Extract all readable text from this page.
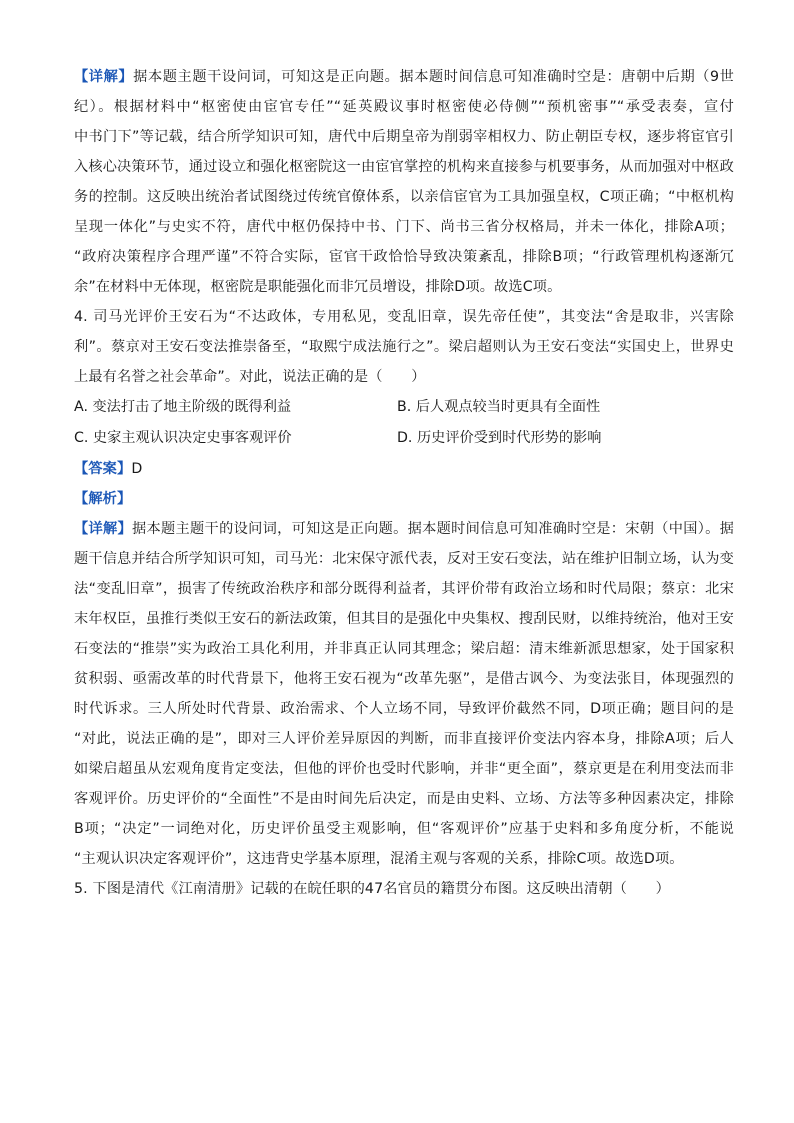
【详解】据本题主题干设问词，可知这是正向题。据本题时间信息可知准确时空是：唐朝中后期（9世

纪）。根据材料中“枢密使由宦官专任”“延英殿议事时枢密使必侍侧”“预机密事”“承受表奏，宣付

中书门下”等记载，结合所学知识可知，唐代中后期皇帝为削弱宰相权力、防止朝臣专权，逐步将宦官引

入核心决策环节，通过设立和强化枢密院这一由宦官掌控的机构来直接参与机要事务，从而加强对中枢政

务的控制。这反映出统治者试图绕过传统官僚体系，以亲信宦官为工具加强皇权，C项正确；“中枢机构

呈现一体化”与史实不符，唐代中枢仍保持中书、门下、尚书三省分权格局，并未一体化，排除A项；

“政府决策程序合理严谨”不符合实际，宦官干政恰恰导致决策紊乱，排除B项；“行政管理机构逐渐冗

余”在材料中无体现，枢密院是职能强化而非冗员增设，排除D项。故选C项。

4. 司马光评价王安石为“不达政体，专用私见，变乱旧章，误先帝任使”，其变法“舍是取非，兴害除

利”。蔡京对王安石变法推崇备至，“取熙宁成法施行之”。梁启超则认为王安石变法“实国史上，世界史

上最有名誉之社会革命”。对此，说法正确的是（　　）

A. 变法打击了地主阶级的既得利益	B. 后人观点较当时更具有全面性
C. 史家主观认识决定史事客观评价	D. 历史评价受到时代形势的影响

【答案】D

【解析】

【详解】据本题主题干的设问词，可知这是正向题。据本题时间信息可知准确时空是：宋朝（中国）。据

题干信息并结合所学知识可知，司马光：北宋保守派代表，反对王安石变法，站在维护旧制立场，认为变

法“变乱旧章”，损害了传统政治秩序和部分既得利益者，其评价带有政治立场和时代局限；蔡京：北宋

末年权臣，虽推行类似王安石的新法政策，但其目的是强化中央集权、搜刮民财，以维持统治，他对王安

石变法的“推崇”实为政治工具化利用，并非真正认同其理念；梁启超：清末维新派思想家，处于国家积

贫积弱、亟需改革的时代背景下，他将王安石视为“改革先驱”，是借古讽今、为变法张目，体现强烈的

时代诉求。三人所处时代背景、政治需求、个人立场不同，导致评价截然不同，D项正确；题目问的是

“对此，说法正确的是”，即对三人评价差异原因的判断，而非直接评价变法内容本身，排除A项；后人

如梁启超虽从宏观角度肯定变法，但他的评价也受时代影响，并非“更全面”，蔡京更是在利用变法而非

客观评价。历史评价的“全面性”不是由时间先后决定，而是由史料、立场、方法等多种因素决定，排除

B项；“决定”一词绝对化，历史评价虽受主观影响，但“客观评价”应基于史料和多角度分析，不能说

“主观认识决定客观评价”，这违背史学基本原理，混淆主观与客观的关系，排除C项。故选D项。

5. 下图是清代《江南清册》记载的在皖任职的47名官员的籍贯分布图。这反映出清朝（　　）
